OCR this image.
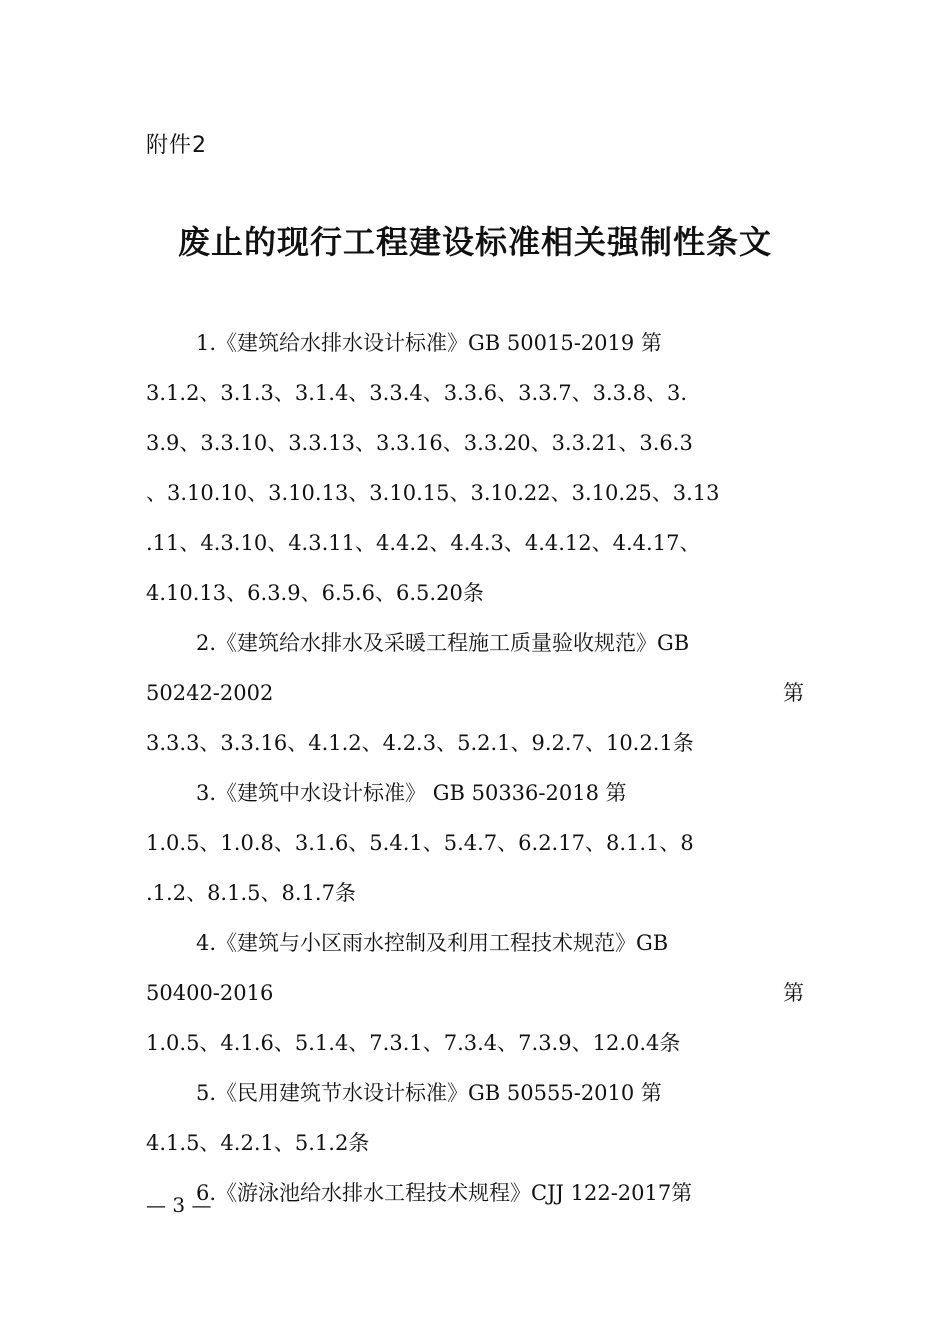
附件2
废止的现行工程建设标准相关强制性条文
1.《建筑给水排水设计标准》GB 50015-2019 第
3.1.2、3.1.3、3.1.4、3.3.4、3.3.6、3.3.7、3.3.8、3.
3.9、3.3.10、3.3.13、3.3.16、3.3.20、3.3.21、3.6.3
、3.10.10、3.10.13、3.10.15、3.10.22、3.10.25、3.13
.11、4.3.10、4.3.11、4.4.2、4.4.3、4.4.12、4.4.17、
4.10.13、6.3.9、6.5.6、6.5.20条
2.《建筑给水排水及采暖工程施工质量验收规范》GB
50242-2002	第
3.3.3、3.3.16、4.1.2、4.2.3、5.2.1、9.2.7、10.2.1条
3.《建筑中水设计标准》 GB 50336-2018 第
1.0.5、1.0.8、3.1.6、5.4.1、5.4.7、6.2.17、8.1.1、8
.1.2、8.1.5、8.1.7条
4.《建筑与小区雨水控制及利用工程技术规范》GB
50400-2016	第
1.0.5、4.1.6、5.1.4、7.3.1、7.3.4、7.3.9、12.0.4条
5.《民用建筑节水设计标准》GB 50555-2010 第
4.1.5、4.2.1、5.1.2条
6.《游泳池给水排水工程技术规程》CJJ 122-2017第
— 3 —
